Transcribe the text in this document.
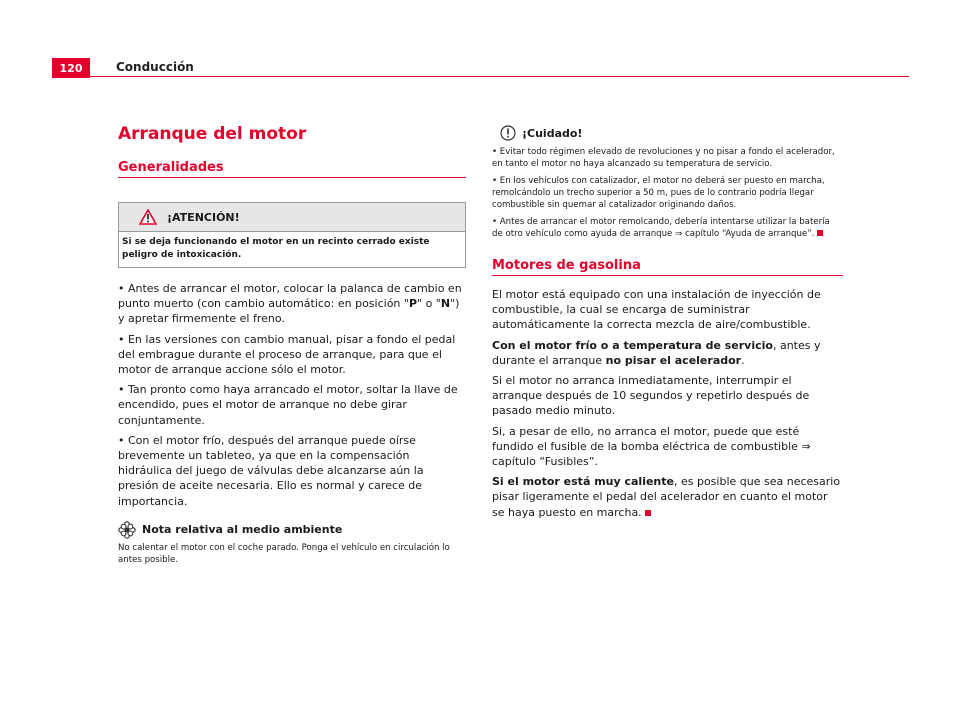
120	Conducción
Arranque del motor
Generalidades
¡ATENCIÓN!
Si se deja funcionando el motor en un recinto cerrado existe peligro de intoxicación.

• Antes de arrancar el motor, colocar la palanca de cambio en punto muerto (con cambio automático: en posición "P" o "N") y apretar firmemente el freno.

• En las versiones con cambio manual, pisar a fondo el pedal del embrague durante el proceso de arranque, para que el motor de arranque accione sólo el motor.

• Tan pronto como haya arrancado el motor, soltar la llave de encendido, pues el motor de arranque no debe girar conjuntamente.

• Con el motor frío, después del arranque puede oírse brevemente un tableteo, ya que en la compensación hidráulica del juego de válvulas debe alcanzarse aún la presión de aceite necesaria. Ello es normal y carece de importancia.

Nota relativa al medio ambiente
No calentar el motor con el coche parado. Ponga el vehículo en circulación lo antes posible.
¡Cuidado!

• Evitar todo régimen elevado de revoluciones y no pisar a fondo el acelerador, en tanto el motor no haya alcanzado su temperatura de servicio.

• En los vehículos con catalizador, el motor no deberá ser puesto en marcha, remolcándolo un trecho superior a 50 m, pues de lo contrario podría llegar combustible sin quemar al catalizador originando daños.

• Antes de arrancar el motor remolcando, debería intentarse utilizar la batería de otro vehículo como ayuda de arranque ⇒ capítulo “Ayuda de arranque”.

Motores de gasolina

El motor está equipado con una instalación de inyección de combustible, la cual se encarga de suministrar automáticamente la correcta mezcla de aire/combustible.

Con el motor frío o a temperatura de servicio, antes y durante el arranque no pisar el acelerador.

Si el motor no arranca inmediatamente, interrumpir el arranque después de 10 segundos y repetirlo después de pasado medio minuto.

Si, a pesar de ello, no arranca el motor, puede que esté fundido el fusible de la bomba eléctrica de combustible ⇒ capítulo “Fusibles”.

Si el motor está muy caliente, es posible que sea necesario pisar ligeramente el pedal del acelerador en cuanto el motor se haya puesto en marcha.
